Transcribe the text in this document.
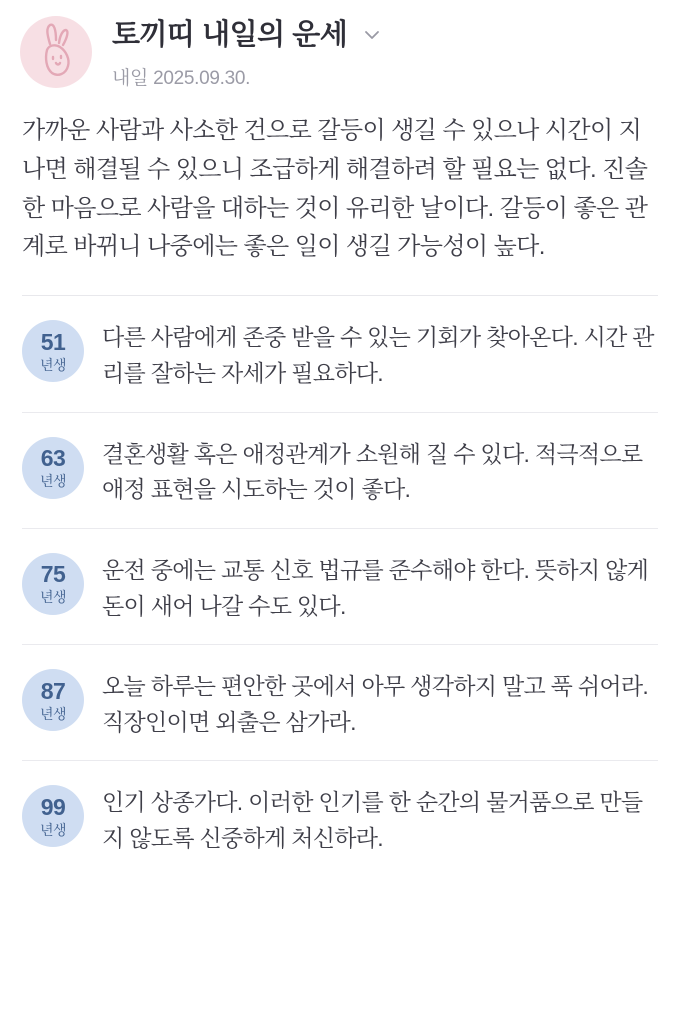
토끼띠 내일의 운세
내일 2025.09.30.
가까운 사람과 사소한 건으로 갈등이 생길 수 있으나 시간이 지나면 해결될 수 있으니 조급하게 해결하려 할 필요는 없다. 진솔한 마음으로 사람을 대하는 것이 유리한 날이다. 갈등이 좋은 관계로 바뀌니 나중에는 좋은 일이 생길 가능성이 높다.
51
년생
다른 사람에게 존중 받을 수 있는 기회가 찾아온다. 시간 관리를 잘하는 자세가 필요하다.
63
년생
결혼생활 혹은 애정관계가 소원해 질 수 있다. 적극적으로 애정 표현을 시도하는 것이 좋다.
75
년생
운전 중에는 교통 신호 법규를 준수해야 한다. 뜻하지 않게 돈이 새어 나갈 수도 있다.
87
년생
오늘 하루는 편안한 곳에서 아무 생각하지 말고 푹 쉬어라. 직장인이면 외출은 삼가라.
99
년생
인기 상종가다. 이러한 인기를 한 순간의 물거품으로 만들지 않도록 신중하게 처신하라.
